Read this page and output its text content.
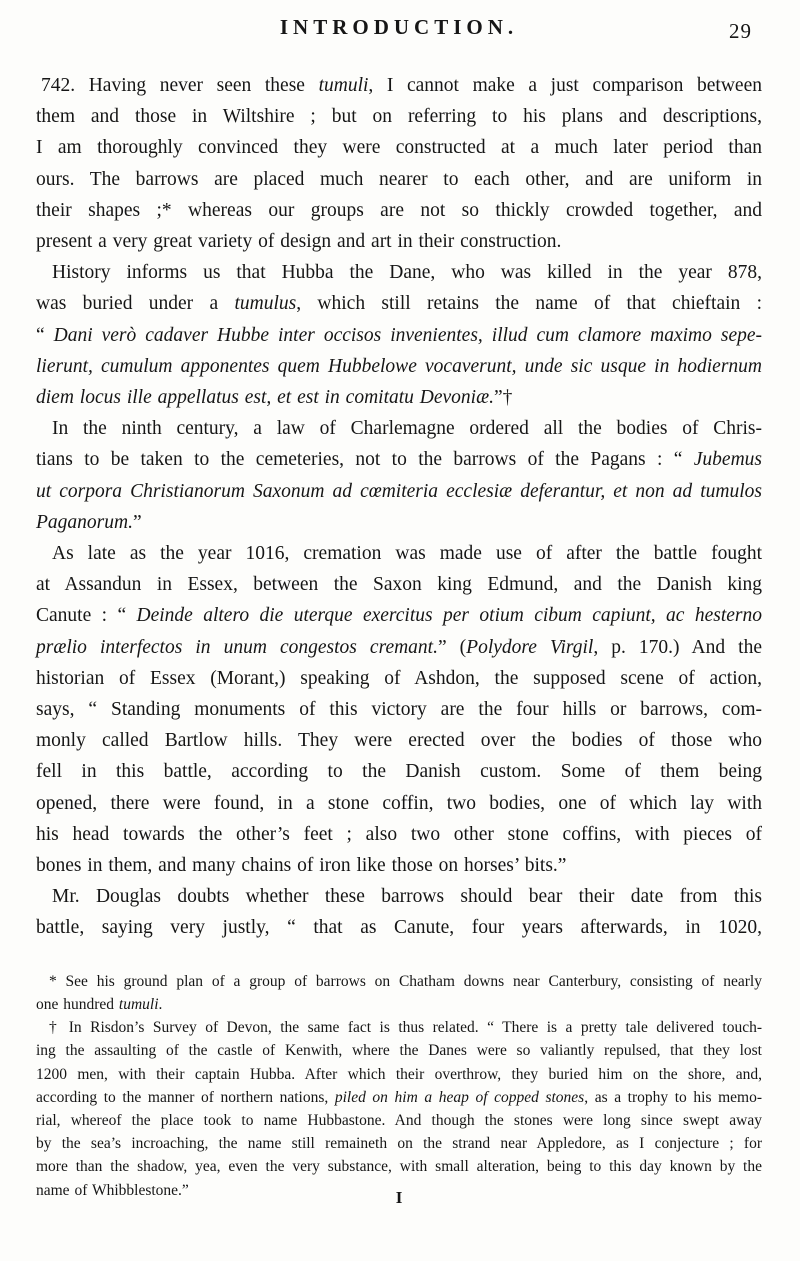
INTRODUCTION.	29
742. Having never seen these tumuli, I cannot make a just comparison between
them and those in Wiltshire ; but on referring to his plans and descriptions,
I am thoroughly convinced they were constructed at a much later period than
ours. The barrows are placed much nearer to each other, and are uniform in
their shapes ;* whereas our groups are not so thickly crowded together, and
present a very great variety of design and art in their construction.
History informs us that Hubba the Dane, who was killed in the year 878,
was buried under a tumulus, which still retains the name of that chieftain :
“ Dani verò cadaver Hubbe inter occisos invenientes, illud cum clamore maximo sepe-
lierunt, cumulum apponentes quem Hubbelowe vocaverunt, unde sic usque in hodiernum
diem locus ille appellatus est, et est in comitatu Devoniæ.”†
In the ninth century, a law of Charlemagne ordered all the bodies of Chris-
tians to be taken to the cemeteries, not to the barrows of the Pagans : “ Jubemus
ut corpora Christianorum Saxonum ad cœmiteria ecclesiæ deferantur, et non ad tumulos
Paganorum.”
As late as the year 1016, cremation was made use of after the battle fought
at Assandun in Essex, between the Saxon king Edmund, and the Danish king
Canute : “ Deinde altero die uterque exercitus per otium cibum capiunt, ac hesterno
prælio interfectos in unum congestos cremant.” (Polydore Virgil, p. 170.) And the
historian of Essex (Morant,) speaking of Ashdon, the supposed scene of action,
says, “ Standing monuments of this victory are the four hills or barrows, com-
monly called Bartlow hills. They were erected over the bodies of those who
fell in this battle, according to the Danish custom. Some of them being
opened, there were found, in a stone coffin, two bodies, one of which lay with
his head towards the other’s feet ; also two other stone coffins, with pieces of
bones in them, and many chains of iron like those on horses’ bits.”
Mr. Douglas doubts whether these barrows should bear their date from this
battle, saying very justly, “ that as Canute, four years afterwards, in 1020,
* See his ground plan of a group of barrows on Chatham downs near Canterbury, consisting of nearly
one hundred tumuli.
† In Risdon’s Survey of Devon, the same fact is thus related. “ There is a pretty tale delivered touch-
ing the assaulting of the castle of Kenwith, where the Danes were so valiantly repulsed, that they lost
1200 men, with their captain Hubba. After which their overthrow, they buried him on the shore, and,
according to the manner of northern nations, piled on him a heap of copped stones, as a trophy to his memo-
rial, whereof the place took to name Hubbastone. And though the stones were long since swept away
by the sea’s incroaching, the name still remaineth on the strand near Appledore, as I conjecture ; for
more than the shadow, yea, even the very substance, with small alteration, being to this day known by the
name of Whibblestone.”	I
